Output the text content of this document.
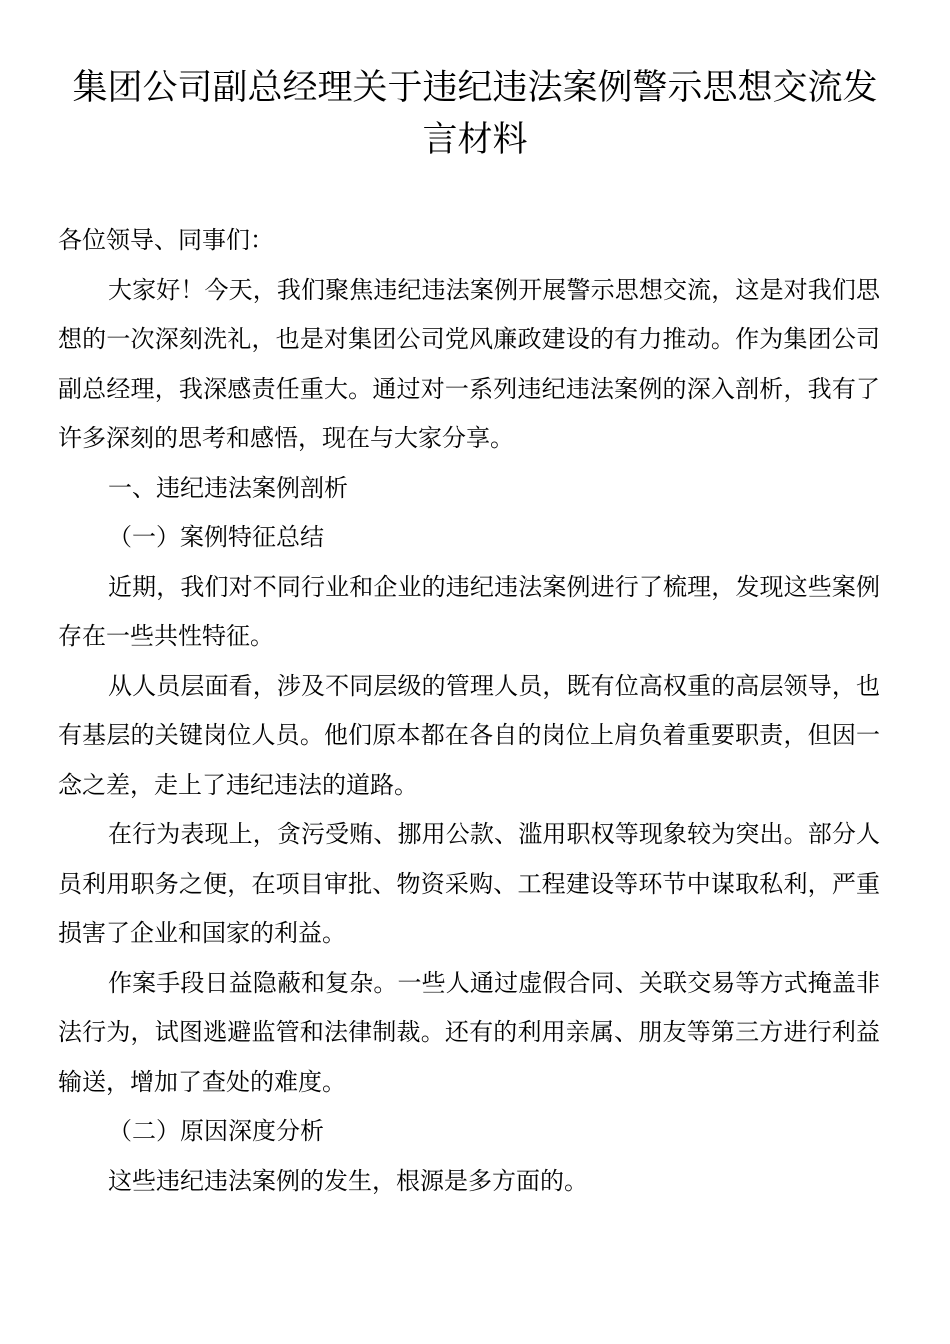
集团公司副总经理关于违纪违法案例警示思想交流发言材料

各位领导、同事们：

大家好！今天，我们聚焦违纪违法案例开展警示思想交流，这是对我们思想的一次深刻洗礼，也是对集团公司党风廉政建设的有力推动。作为集团公司副总经理，我深感责任重大。通过对一系列违纪违法案例的深入剖析，我有了许多深刻的思考和感悟，现在与大家分享。

一、违纪违法案例剖析

（一）案例特征总结

近期，我们对不同行业和企业的违纪违法案例进行了梳理，发现这些案例存在一些共性特征。

从人员层面看，涉及不同层级的管理人员，既有位高权重的高层领导，也有基层的关键岗位人员。他们原本都在各自的岗位上肩负着重要职责，但因一念之差，走上了违纪违法的道路。

在行为表现上，贪污受贿、挪用公款、滥用职权等现象较为突出。部分人员利用职务之便，在项目审批、物资采购、工程建设等环节中谋取私利，严重损害了企业和国家的利益。

作案手段日益隐蔽和复杂。一些人通过虚假合同、关联交易等方式掩盖非法行为，试图逃避监管和法律制裁。还有的利用亲属、朋友等第三方进行利益输送，增加了查处的难度。

（二）原因深度分析

这些违纪违法案例的发生，根源是多方面的。
